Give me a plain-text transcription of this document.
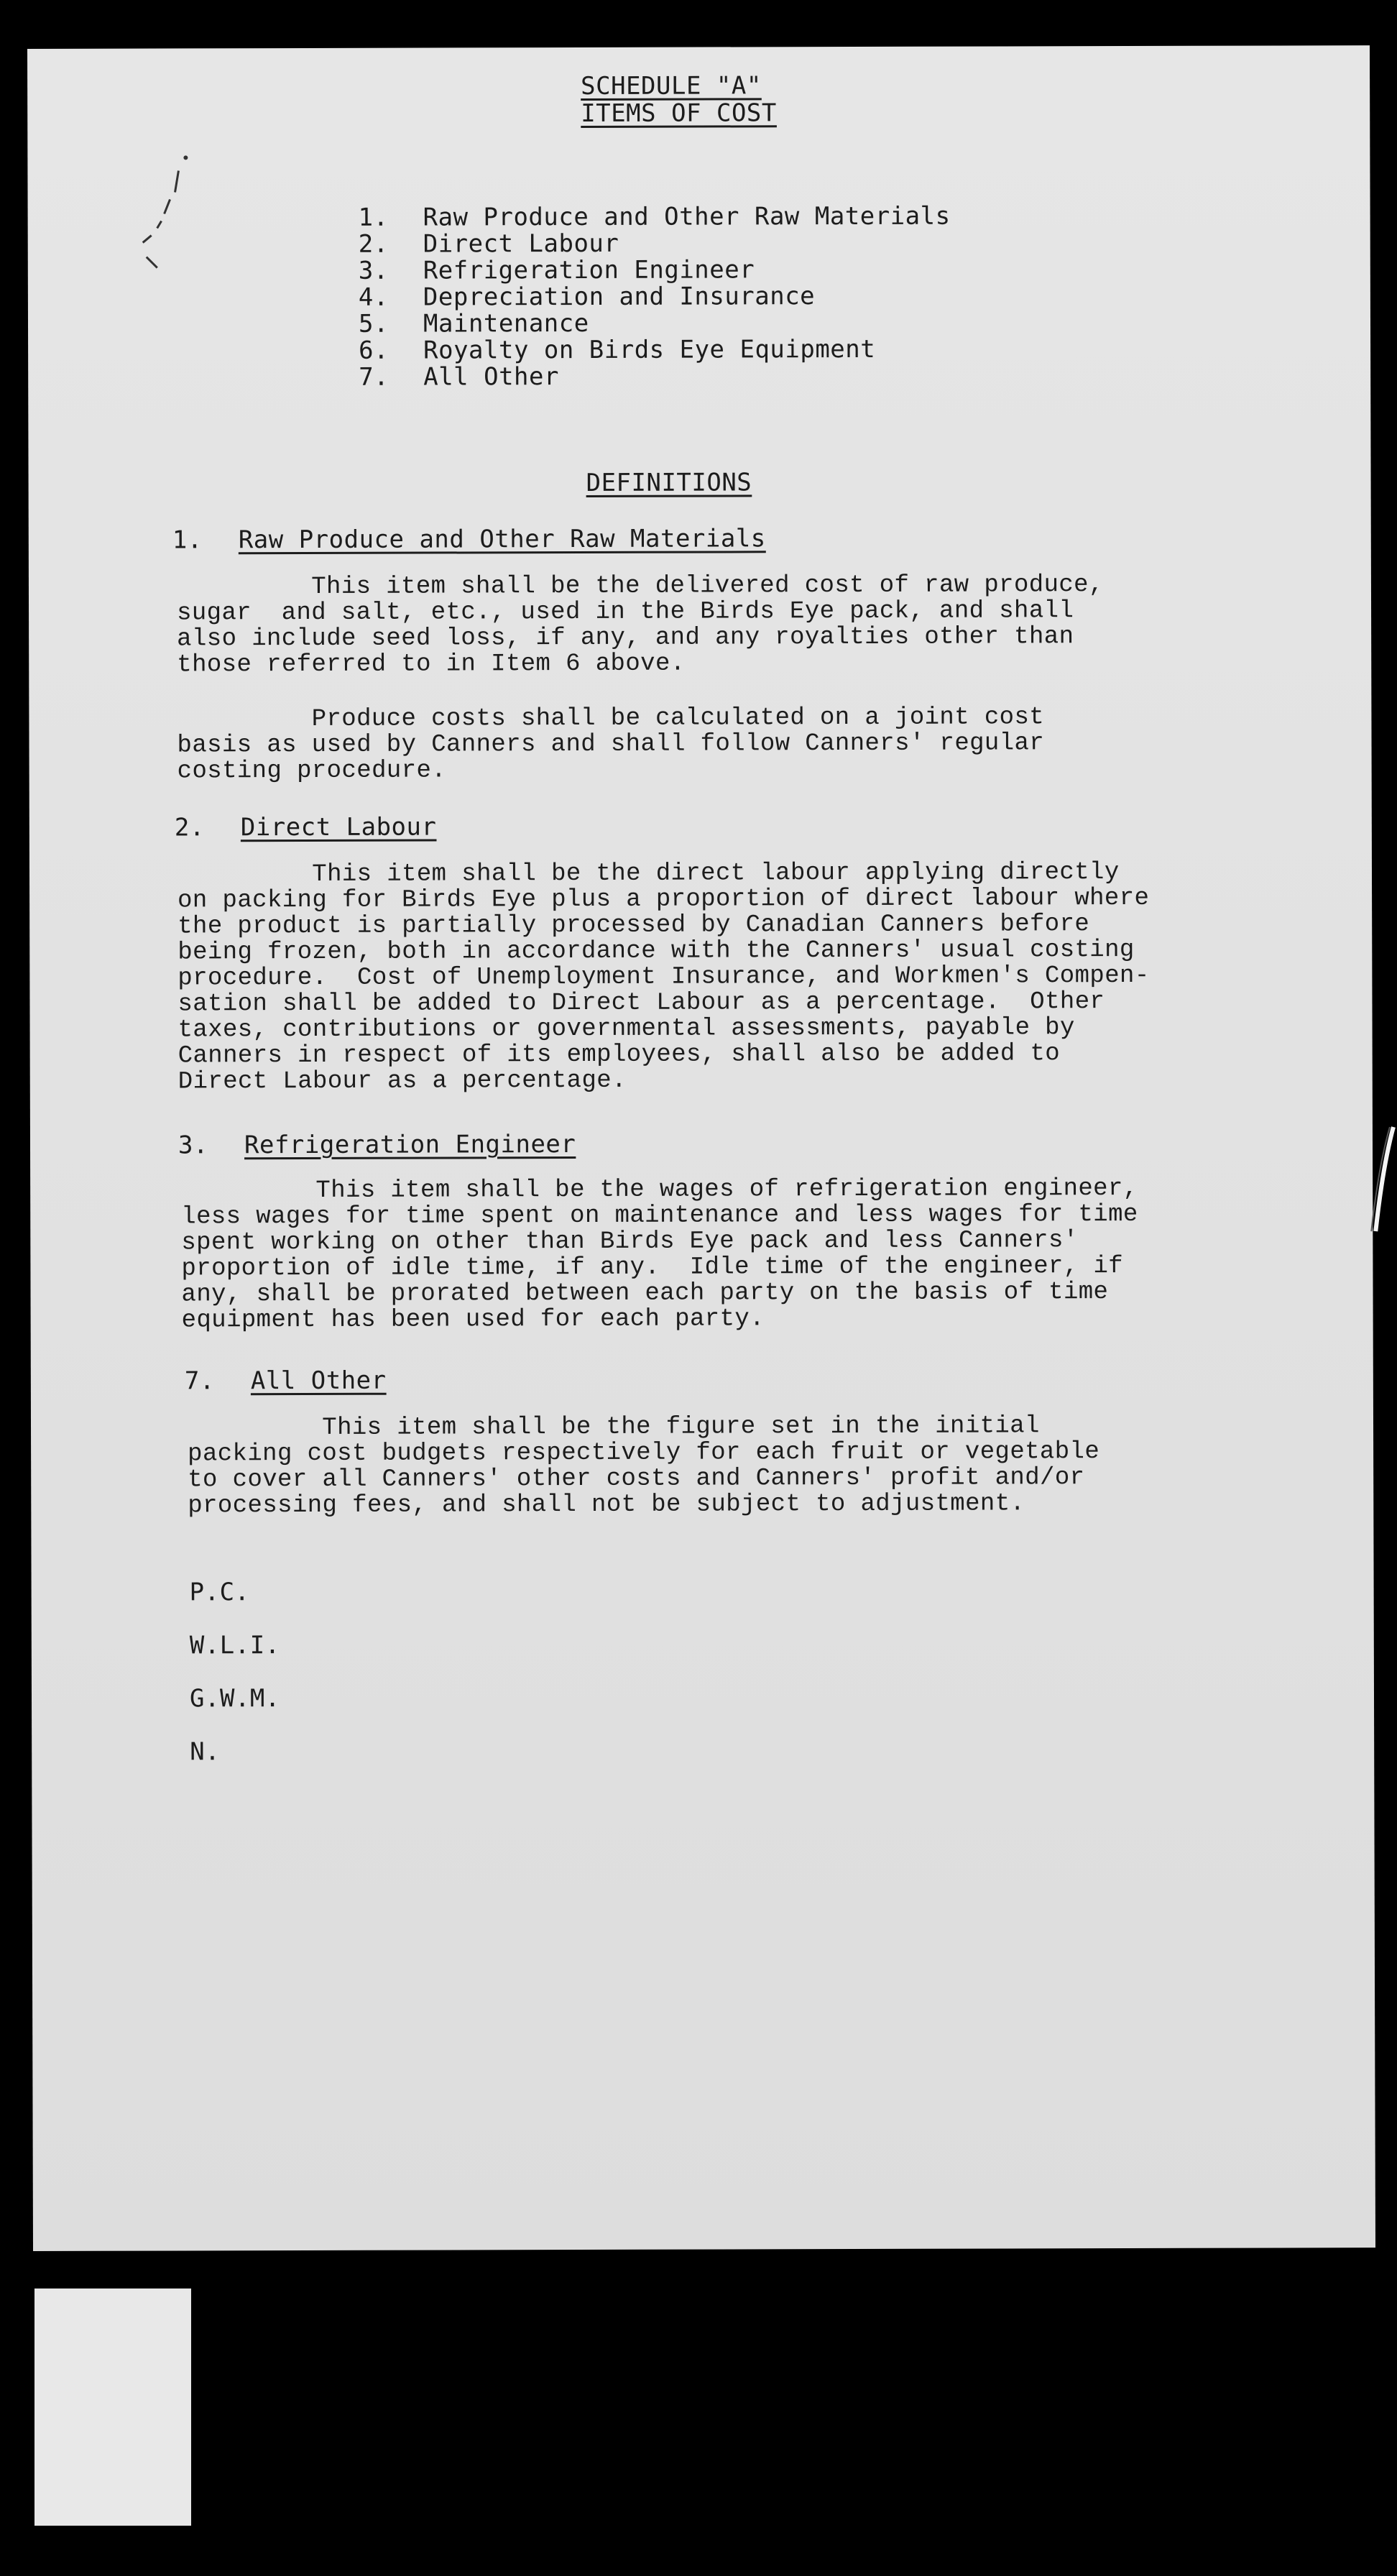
SCHEDULE "A"
ITEMS OF COST
1. Raw Produce and Other Raw Materials
2. Direct Labour
3. Refrigeration Engineer
4. Depreciation and Insurance
5. Maintenance
6. Royalty on Birds Eye Equipment
7. All Other
DEFINITIONS
1. Raw Produce and Other Raw Materials
This item shall be the delivered cost of raw produce,
sugar  and salt, etc., used in the Birds Eye pack, and shall
also include seed loss, if any, and any royalties other than
those referred to in Item 6 above.
Produce costs shall be calculated on a joint cost
basis as used by Canners and shall follow Canners' regular
costing procedure.
2. Direct Labour
This item shall be the direct labour applying directly
on packing for Birds Eye plus a proportion of direct labour where
the product is partially processed by Canadian Canners before
being frozen, both in accordance with the Canners' usual costing
procedure.  Cost of Unemployment Insurance, and Workmen's Compen-
sation shall be added to Direct Labour as a percentage.  Other
taxes, contributions or governmental assessments, payable by
Canners in respect of its employees, shall also be added to
Direct Labour as a percentage.
3. Refrigeration Engineer
This item shall be the wages of refrigeration engineer,
less wages for time spent on maintenance and less wages for time
spent working on other than Birds Eye pack and less Canners'
proportion of idle time, if any.  Idle time of the engineer, if
any, shall be prorated between each party on the basis of time
equipment has been used for each party.
7. All Other
This item shall be the figure set in the initial
packing cost budgets respectively for each fruit or vegetable
to cover all Canners' other costs and Canners' profit and/or
processing fees, and shall not be subject to adjustment.
P.C.
W.L.I.
G.W.M.
N.
